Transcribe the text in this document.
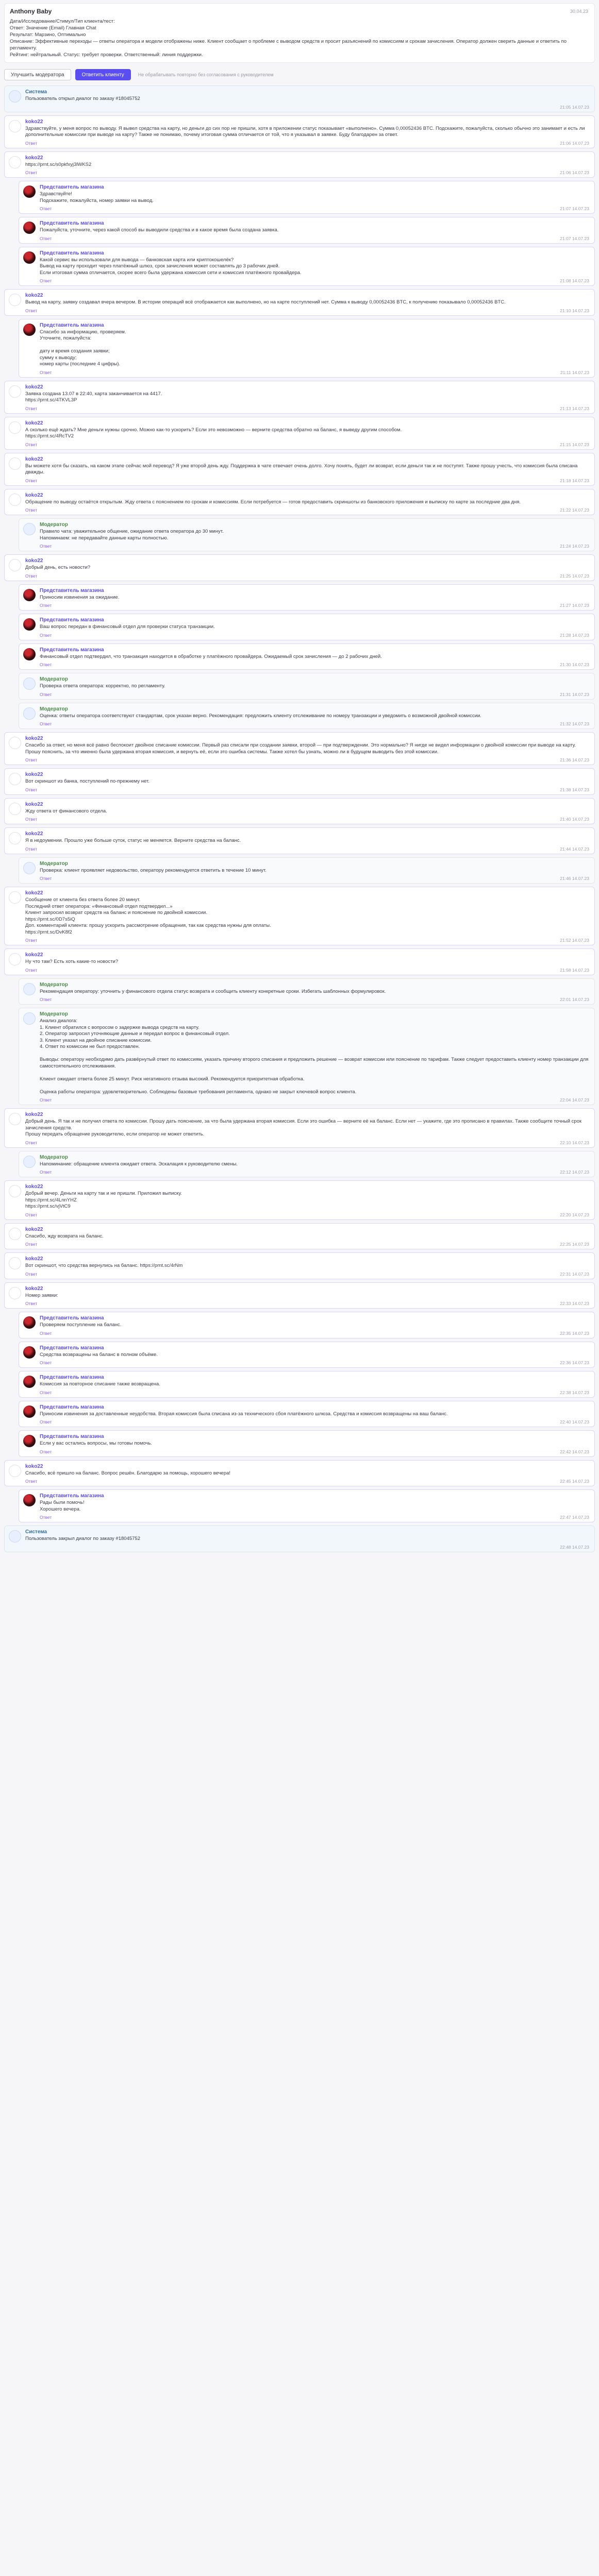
Anthony Baby	30.04.23
Дата/Исследование/Стимул/Тип клиента/тест:
Ответ: Значение (Email) Главная Chat
Результат: Марзино, Оптимально
Описание: Эффективные переходы — ответы оператора и модели отображены ниже. Клиент сообщает о проблеме с выводом средств и просит разъяснений по комиссиям и срокам зачисления. Оператор должен сверить данные и ответить по регламенту.
Рейтинг: нейтральный. Статус: требует проверки. Ответственный: линия поддержки.
Улучшить модератора	Ответить клиенту	Не обрабатывать повторно без согласования с руководителем
Система
Пользователь открыл диалог по заказу #18045752
21:05 14.07.23
koko22
Здравствуйте, у меня вопрос по выводу. Я вывел средства на карту, но деньги до сих пор не пришли, хотя в приложении статус показывает «выполнено». Сумма 0,00052436 BTC. Подскажите, пожалуйста, сколько обычно это занимает и есть ли дополнительные комиссии при выводе на карту? Также не понимаю, почему итоговая сумма отличается от той, что я указывал в заявке. Буду благодарен за ответ.
Ответ	21:06 14.07.23
koko22
https://prnt.sc/s0pkfxyj3lWKS2
Ответ	21:06 14.07.23
Представитель магазина
Здравствуйте!
Подскажите, пожалуйста, номер заявки на вывод.
Ответ	21:07 14.07.23
Представитель магазина
Пожалуйста, уточните, через какой способ вы выводили средства и в какое время была создана заявка.
Ответ	21:07 14.07.23
Представитель магазина
Какой сервис вы использовали для вывода — банковская карта или криптокошелёк?
Вывод на карту проходит через платёжный шлюз, срок зачисления может составлять до 3 рабочих дней.
Если итоговая сумма отличается, скорее всего была удержана комиссия сети и комиссия платёжного провайдера.
Ответ	21:08 14.07.23
koko22
Вывод на карту, заявку создавал вчера вечером. В истории операций всё отображается как выполнено, но на карте поступлений нет. Сумма к выводу 0,00052436 BTC, к получению показывало 0,00052436 BTC.
Ответ	21:10 14.07.23
Представитель магазина
Спасибо за информацию, проверяем.
Уточните, пожалуйста:

дату и время создания заявки;
сумму к выводу;
номер карты (последние 4 цифры).
Ответ	21:11 14.07.23
koko22
Заявка создана 13.07 в 22:40, карта заканчивается на 4417.
https://prnt.sc/4TKVL3P
Ответ	21:13 14.07.23
koko22
А сколько ещё ждать? Мне деньги нужны срочно. Можно как-то ускорить? Если это невозможно — верните средства обратно на баланс, я выведу другим способом.
https://prnt.sc/4RcTV2
Ответ	21:15 14.07.23
koko22
Вы можете хотя бы сказать, на каком этапе сейчас мой перевод? Я уже второй день жду. Поддержка в чате отвечает очень долго. Хочу понять, будет ли возврат, если деньги так и не поступят. Также прошу учесть, что комиссия была списана дважды.
Ответ	21:18 14.07.23
koko22
Обращение по выводу остаётся открытым. Жду ответа с пояснением по срокам и комиссиям. Если потребуется — готов предоставить скриншоты из банковского приложения и выписку по карте за последние два дня.
Ответ	21:22 14.07.23
Модератор
Правило чата: уважительное общение, ожидание ответа оператора до 30 минут.
Напоминаем: не передавайте данные карты полностью.
Ответ	21:24 14.07.23
koko22
Добрый день, есть новости?
Ответ	21:25 14.07.23
Представитель магазина
Приносим извинения за ожидание.
Ответ	21:27 14.07.23
Представитель магазина
Ваш вопрос передан в финансовый отдел для проверки статуса транзакции.
Ответ	21:28 14.07.23
Представитель магазина
Финансовый отдел подтвердил, что транзакция находится в обработке у платёжного провайдера. Ожидаемый срок зачисления — до 2 рабочих дней.
Ответ	21:30 14.07.23
Модератор
Проверка ответа оператора: корректно, по регламенту.
Ответ	21:31 14.07.23
Модератор
Оценка: ответы оператора соответствуют стандартам, срок указан верно. Рекомендация: предложить клиенту отслеживание по номеру транзакции и уведомить о возможной двойной комиссии.
Ответ	21:32 14.07.23
koko22
Спасибо за ответ, но меня всё равно беспокоит двойное списание комиссии. Первый раз списали при создании заявки, второй — при подтверждении. Это нормально? Я нигде не видел информации о двойной комиссии при выводе на карту. Прошу пояснить, за что именно была удержана вторая комиссия, и вернуть её, если это ошибка системы. Также хотел бы узнать, можно ли в будущем выводить без этой комиссии.
Ответ	21:36 14.07.23
koko22
Вот скриншот из банка, поступлений по-прежнему нет.
Ответ	21:38 14.07.23
koko22
Жду ответа от финансового отдела.
Ответ	21:40 14.07.23
koko22
Я в недоумении. Прошло уже больше суток, статус не меняется. Верните средства на баланс.
Ответ	21:44 14.07.23
Модератор
Проверка: клиент проявляет недовольство, оператору рекомендуется ответить в течение 10 минут.
Ответ	21:46 14.07.23
koko22
Сообщение от клиента без ответа более 20 минут.
Последний ответ оператора: «Финансовый отдел подтвердил...»
Клиент запросил возврат средств на баланс и пояснение по двойной комиссии.
https://prnt.sc/0D7s5iQ
Доп. комментарий клиента: прошу ускорить рассмотрение обращения, так как средства нужны для оплаты.
https://prnt.sc/DvK8f2
Ответ	21:52 14.07.23
koko22
Ну что там? Есть хоть какие-то новости?
Ответ	21:58 14.07.23
Модератор
Рекомендация оператору: уточнить у финансового отдела статус возврата и сообщить клиенту конкретные сроки. Избегать шаблонных формулировок.
Ответ	22:01 14.07.23
Модератор
Анализ диалога:
1. Клиент обратился с вопросом о задержке вывода средств на карту.
2. Оператор запросил уточняющие данные и передал вопрос в финансовый отдел.
3. Клиент указал на двойное списание комиссии.
4. Ответ по комиссии не был предоставлен.

Выводы: оператору необходимо дать развёрнутый ответ по комиссиям, указать причину второго списания и предложить решение — возврат комиссии или пояснение по тарифам. Также следует предоставить клиенту номер транзакции для самостоятельного отслеживания.

Клиент ожидает ответа более 25 минут. Риск негативного отзыва высокий. Рекомендуется приоритетная обработка.

Оценка работы оператора: удовлетворительно. Соблюдены базовые требования регламента, однако не закрыт ключевой вопрос клиента.
Ответ	22:04 14.07.23
koko22
Добрый день. Я так и не получил ответа по комиссии. Прошу дать пояснение, за что была удержана вторая комиссия. Если это ошибка — верните её на баланс. Если нет — укажите, где это прописано в правилах. Также сообщите точный срок зачисления средств.
Прошу передать обращение руководителю, если оператор не может ответить.
Ответ	22:10 14.07.23
Модератор
Напоминание: обращение клиента ожидает ответа. Эскалация к руководителю смены.
Ответ	22:12 14.07.23
koko22
Добрый вечер. Деньги на карту так и не пришли. Приложил выписку.
https://prnt.sc/4LnnYHZ
https://prnt.sc/vjVtC9
Ответ	22:20 14.07.23
koko22
Спасибо, жду возврата на баланс.
Ответ	22:25 14.07.23
koko22
Вот скриншот, что средства вернулись на баланс. https://prnt.sc/4rNm
Ответ	22:31 14.07.23
koko22
Номер заявки:
Ответ	22:33 14.07.23
Представитель магазина
Проверяем поступление на баланс.
Ответ	22:35 14.07.23
Представитель магазина
Средства возвращены на баланс в полном объёме.
Ответ	22:36 14.07.23
Представитель магазина
Комиссия за повторное списание также возвращена.
Ответ	22:38 14.07.23
Представитель магазина
Приносим извинения за доставленные неудобства. Вторая комиссия была списана из-за технического сбоя платёжного шлюза. Средства и комиссия возвращены на ваш баланс.
Ответ	22:40 14.07.23
Представитель магазина
Если у вас остались вопросы, мы готовы помочь.
Ответ	22:42 14.07.23
koko22
Спасибо, всё пришло на баланс. Вопрос решён. Благодарю за помощь, хорошего вечера!
Ответ	22:45 14.07.23
Представитель магазина
Рады были помочь!
Хорошего вечера.
Ответ	22:47 14.07.23
Система
Пользователь закрыл диалог по заказу #18045752
22:48 14.07.23
